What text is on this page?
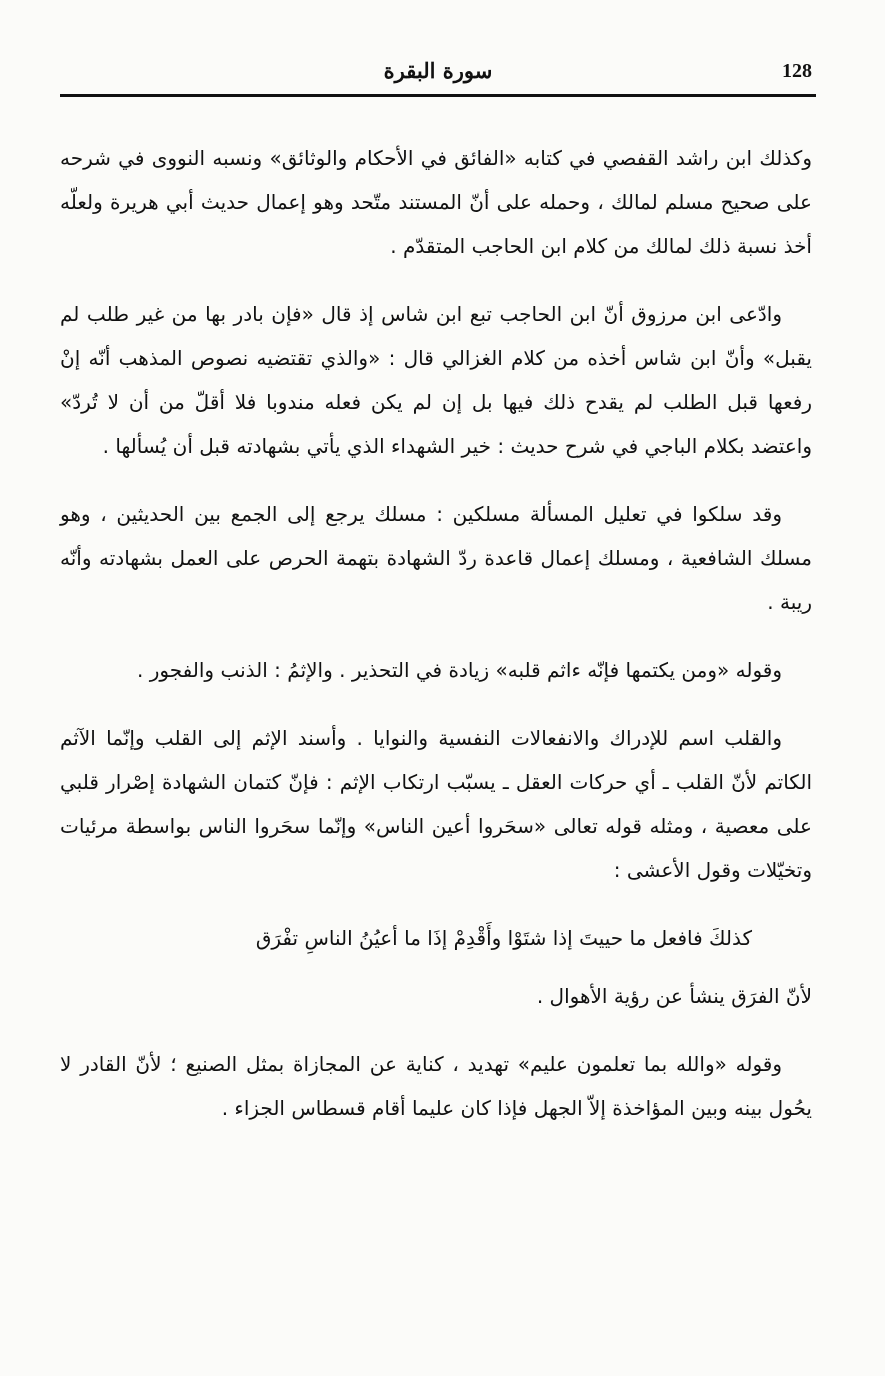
سورة البقرة	128

وكذلك ابن راشد القفصي في كتابه «الفائق في الأحكام والوثائق» ونسبه النووى في شرحه على صحيح مسلم لمالك ، وحمله على أنّ المستند متّحد وهو إعمال حديث أبي هريرة ولعلّه أخذ نسبة ذلك لمالك من كلام ابن الحاجب المتقدّم .

وادّعى ابن مرزوق أنّ ابن الحاجب تبع ابن شاس إذ قال «فإن بادر بها من غير طلب لم يقبل» وأنّ ابن شاس أخذه من كلام الغزالي قال : «والذي تقتضيه نصوص المذهب أنّه إنْ رفعها قبل الطلب لم يقدح ذلك فيها بل إن لم يكن فعله مندوبا فلا أقلّ من أن لا تُردّ» واعتضد بكلام الباجي في شرح حديث : خير الشهداء الذي يأتي بشهادته قبل أن يُسألها .

وقد سلكوا في تعليل المسألة مسلكين : مسلك يرجع إلى الجمع بين الحديثين ، وهو مسلك الشافعية ، ومسلك إعمال قاعدة ردّ الشهادة بتهمة الحرص على العمل بشهادته وأنّه ريبة .

وقوله «ومن يكتمها فإنّه ءاثم قلبه» زيادة في التحذير . والإثمُ : الذنب والفجور .

والقلب اسم للإدراك والانفعالات النفسية والنوايا . وأسند الإثم إلى القلب وإنّما الآثم الكاتم لأنّ القلب ـ أي حركات العقل ـ يسبّب ارتكاب الإثم : فإنّ كتمان الشهادة إصْرار قلبي على معصية ، ومثله قوله تعالى «سحَروا أعين الناس» وإنّما سحَروا الناس بواسطة مرئيات وتخيّلات وقول الأعشى :

كذلكَ فافعل ما حييتَ إذا شتَوْا وأَقْدِمْ إذَا ما أعيُنُ الناسِ تفْرَق

لأنّ الفرَق ينشأ عن رؤية الأهوال .

وقوله «والله بما تعلمون عليم» تهديد ، كناية عن المجازاة بمثل الصنيع ؛ لأنّ القادر لا يحُول بينه وبين المؤاخذة إلاّ الجهل فإذا كان عليما أقام قسطاس الجزاء .
